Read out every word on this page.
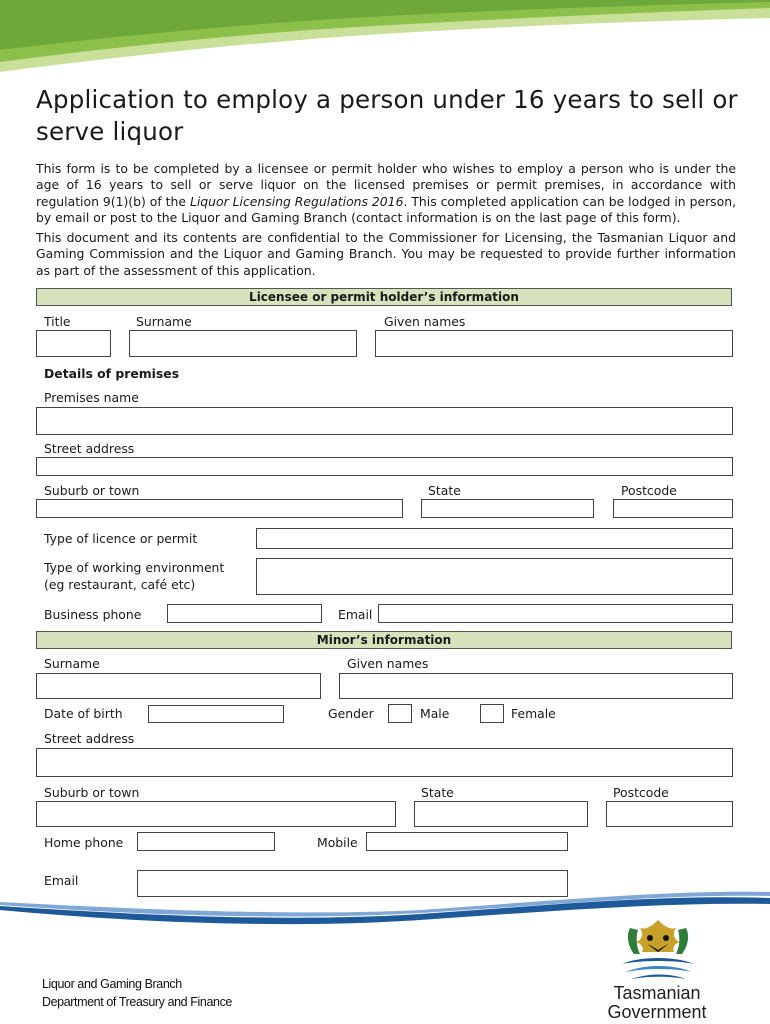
Application to employ a person under 16 years to sell or serve liquor

This form is to be completed by a licensee or permit holder who wishes to employ a person who is under the age of 16 years to sell or serve liquor on the licensed premises or permit premises, in accordance with regulation 9(1)(b) of the Liquor Licensing Regulations 2016. This completed application can be lodged in person, by email or post to the Liquor and Gaming Branch (contact information is on the last page of this form).

This document and its contents are confidential to the Commissioner for Licensing, the Tasmanian Liquor and Gaming Commission and the Liquor and Gaming Branch. You may be requested to provide further information as part of the assessment of this application.

Licensee or permit holder’s information
Title	Surname	Given names
Details of premises
Premises name
Street address
Suburb or town	State	Postcode
Type of licence or permit
Type of working environment
(eg restaurant, café etc)
Business phone	Email
Minor’s information
Surname	Given names
Date of birth	Gender	Male	Female
Street address
Suburb or town	State	Postcode
Home phone	Mobile
Email
Liquor and Gaming Branch
Department of Treasury and Finance	Tasmanian
Government
